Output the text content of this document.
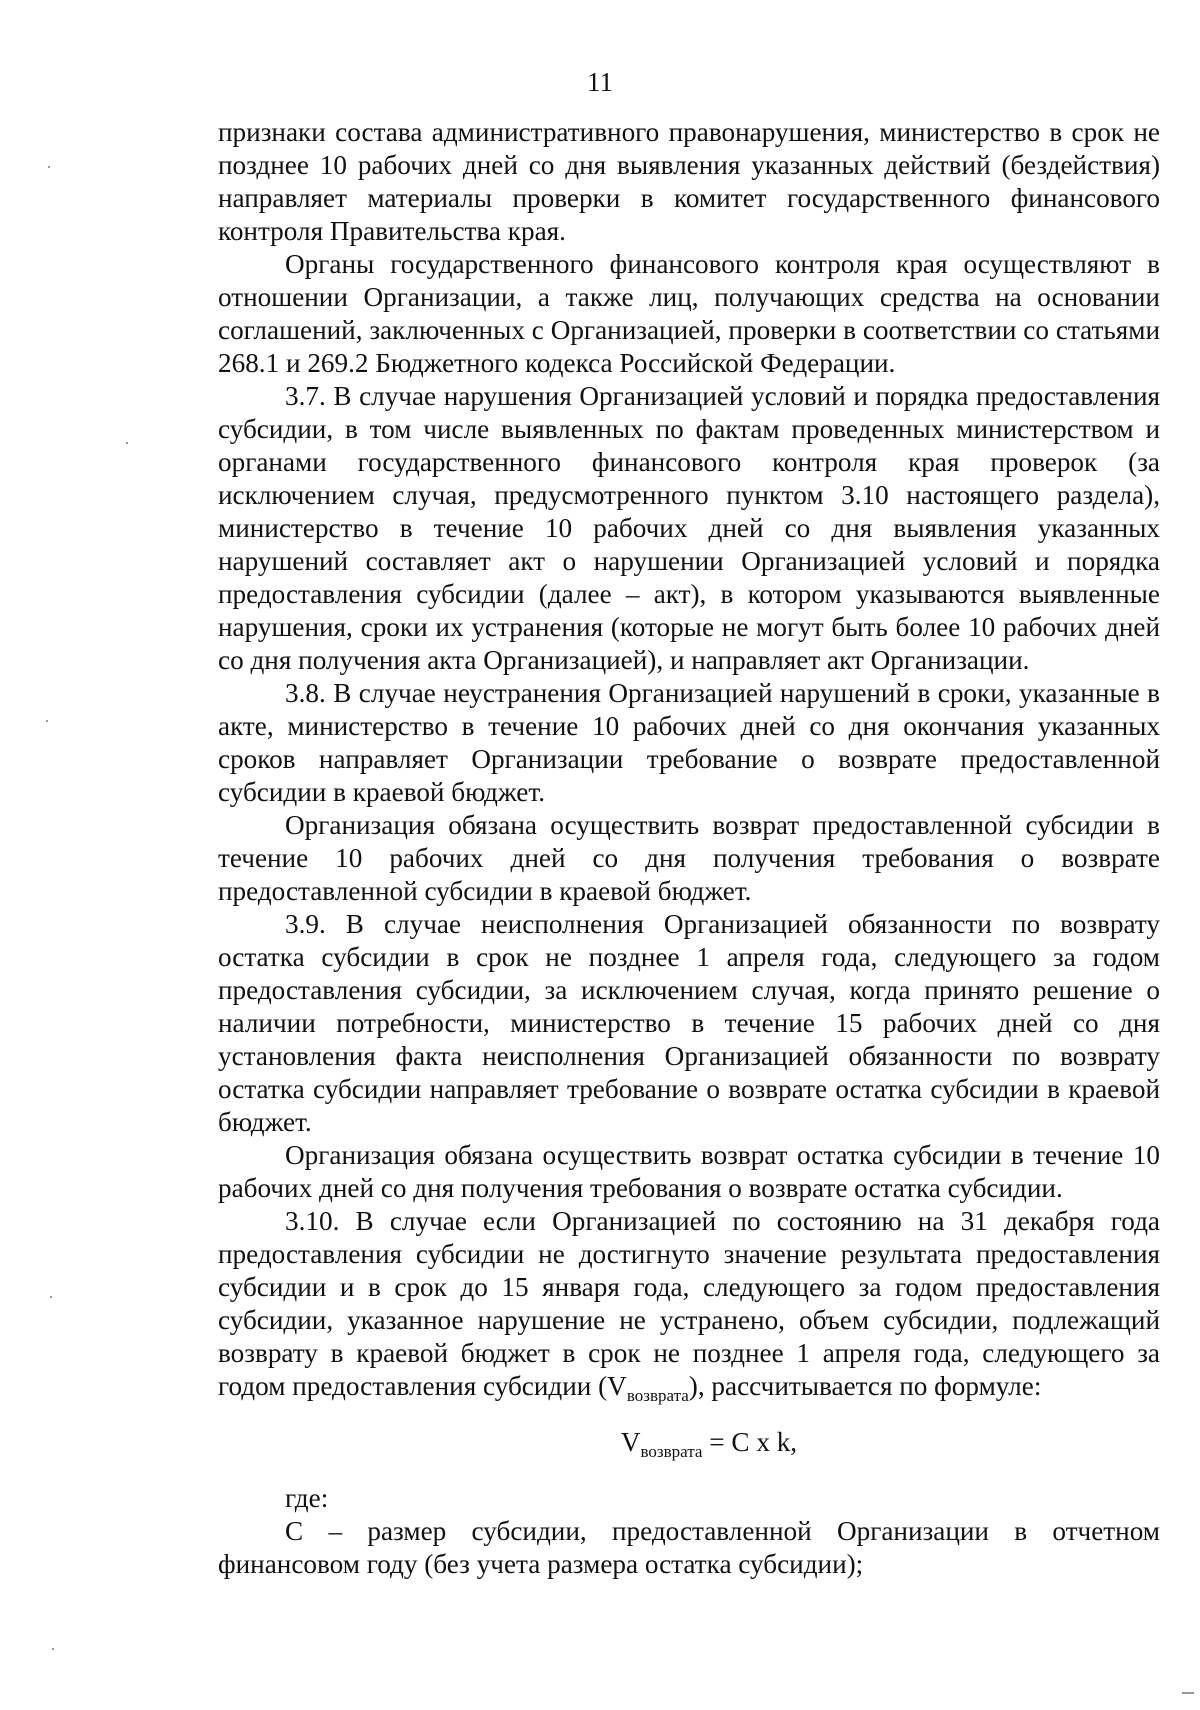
11

признаки состава административного правонарушения, министерство в срок не позднее 10 рабочих дней со дня выявления указанных действий (бездействия) направляет материалы проверки в комитет государственного финансового контроля Правительства края.

Органы государственного финансового контроля края осуществляют в отношении Организации, а также лиц, получающих средства на основании соглашений, заключенных с Организацией, проверки в соответствии со статьями 268.1 и 269.2 Бюджетного кодекса Российской Федерации.

3.7. В случае нарушения Организацией условий и порядка предоставления субсидии, в том числе выявленных по фактам проведенных министерством и органами государственного финансового контроля края проверок (за исключением случая, предусмотренного пунктом 3.10 настоящего раздела), министерство в течение 10 рабочих дней со дня выявления указанных нарушений составляет акт о нарушении Организацией условий и порядка предоставления субсидии (далее – акт), в котором указываются выявленные нарушения, сроки их устранения (которые не могут быть более 10 рабочих дней со дня получения акта Организацией), и направляет акт Организации.

3.8. В случае неустранения Организацией нарушений в сроки, указанные в акте, министерство в течение 10 рабочих дней со дня окончания указанных сроков направляет Организации требование о возврате предоставленной субсидии в краевой бюджет.

Организация обязана осуществить возврат предоставленной субсидии в течение 10 рабочих дней со дня получения требования о возврате предоставленной субсидии в краевой бюджет.

3.9. В случае неисполнения Организацией обязанности по возврату остатка субсидии в срок не позднее 1 апреля года, следующего за годом предоставления субсидии, за исключением случая, когда принято решение о наличии потребности, министерство в течение 15 рабочих дней со дня установления факта неисполнения Организацией обязанности по возврату остатка субсидии направляет требование о возврате остатка субсидии в краевой бюджет.

Организация обязана осуществить возврат остатка субсидии в течение 10 рабочих дней со дня получения требования о возврате остатка субсидии.

3.10. В случае если Организацией по состоянию на 31 декабря года предоставления субсидии не достигнуто значение результата предоставления субсидии и в срок до 15 января года, следующего за годом предоставления субсидии, указанное нарушение не устранено, объем субсидии, подлежащий возврату в краевой бюджет в срок не позднее 1 апреля года, следующего за годом предоставления субсидии $(V_{возврата})$, рассчитывается по формуле:

$V_{возврата} = C$ x k,

где:

C – размер субсидии, предоставленной Организации в отчетном финансовом году (без учета размера остатка субсидии);
